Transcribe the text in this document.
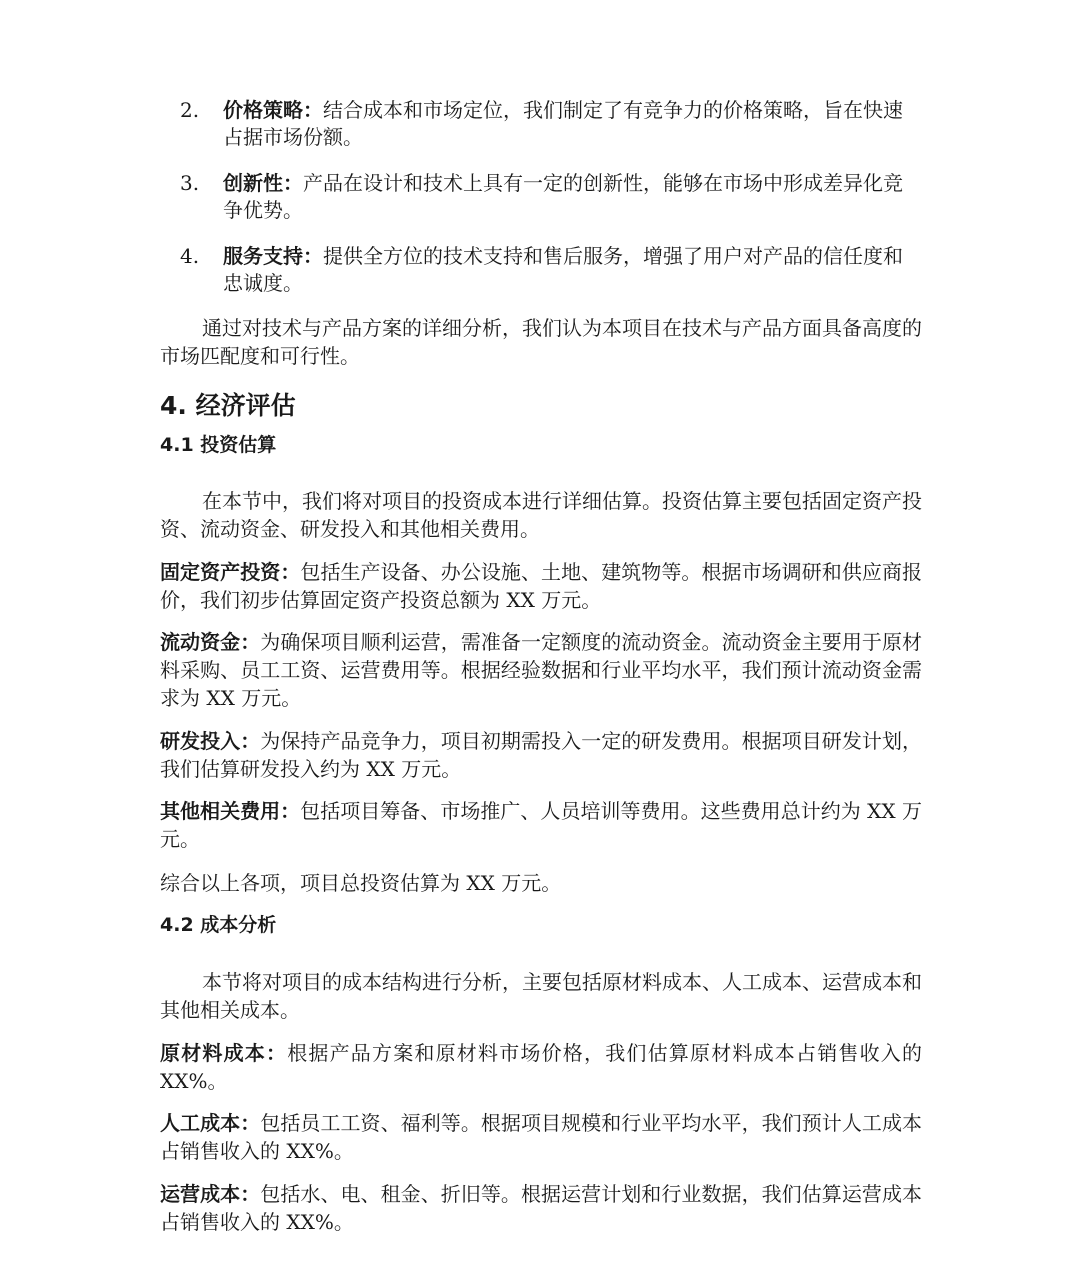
2. 价格策略：结合成本和市场定位，我们制定了有竞争力的价格策略，旨在快速占据市场份额。
3. 创新性：产品在设计和技术上具有一定的创新性，能够在市场中形成差异化竞争优势。
4. 服务支持：提供全方位的技术支持和售后服务，增强了用户对产品的信任度和忠诚度。

通过对技术与产品方案的详细分析，我们认为本项目在技术与产品方面具备高度的市场匹配度和可行性。

4. 经济评估
4.1 投资估算

在本节中，我们将对项目的投资成本进行详细估算。投资估算主要包括固定资产投资、流动资金、研发投入和其他相关费用。

固定资产投资：包括生产设备、办公设施、土地、建筑物等。根据市场调研和供应商报价，我们初步估算固定资产投资总额为 XX 万元。

流动资金：为确保项目顺利运营，需准备一定额度的流动资金。流动资金主要用于原材料采购、员工工资、运营费用等。根据经验数据和行业平均水平，我们预计流动资金需求为 XX 万元。

研发投入：为保持产品竞争力，项目初期需投入一定的研发费用。根据项目研发计划，我们估算研发投入约为 XX 万元。

其他相关费用：包括项目筹备、市场推广、人员培训等费用。这些费用总计约为 XX 万元。

综合以上各项，项目总投资估算为 XX 万元。

4.2 成本分析

本节将对项目的成本结构进行分析，主要包括原材料成本、人工成本、运营成本和其他相关成本。

原材料成本：根据产品方案和原材料市场价格，我们估算原材料成本占销售收入的 XX%。

人工成本：包括员工工资、福利等。根据项目规模和行业平均水平，我们预计人工成本占销售收入的 XX%。

运营成本：包括水、电、租金、折旧等。根据运营计划和行业数据，我们估算运营成本占销售收入的 XX%。
